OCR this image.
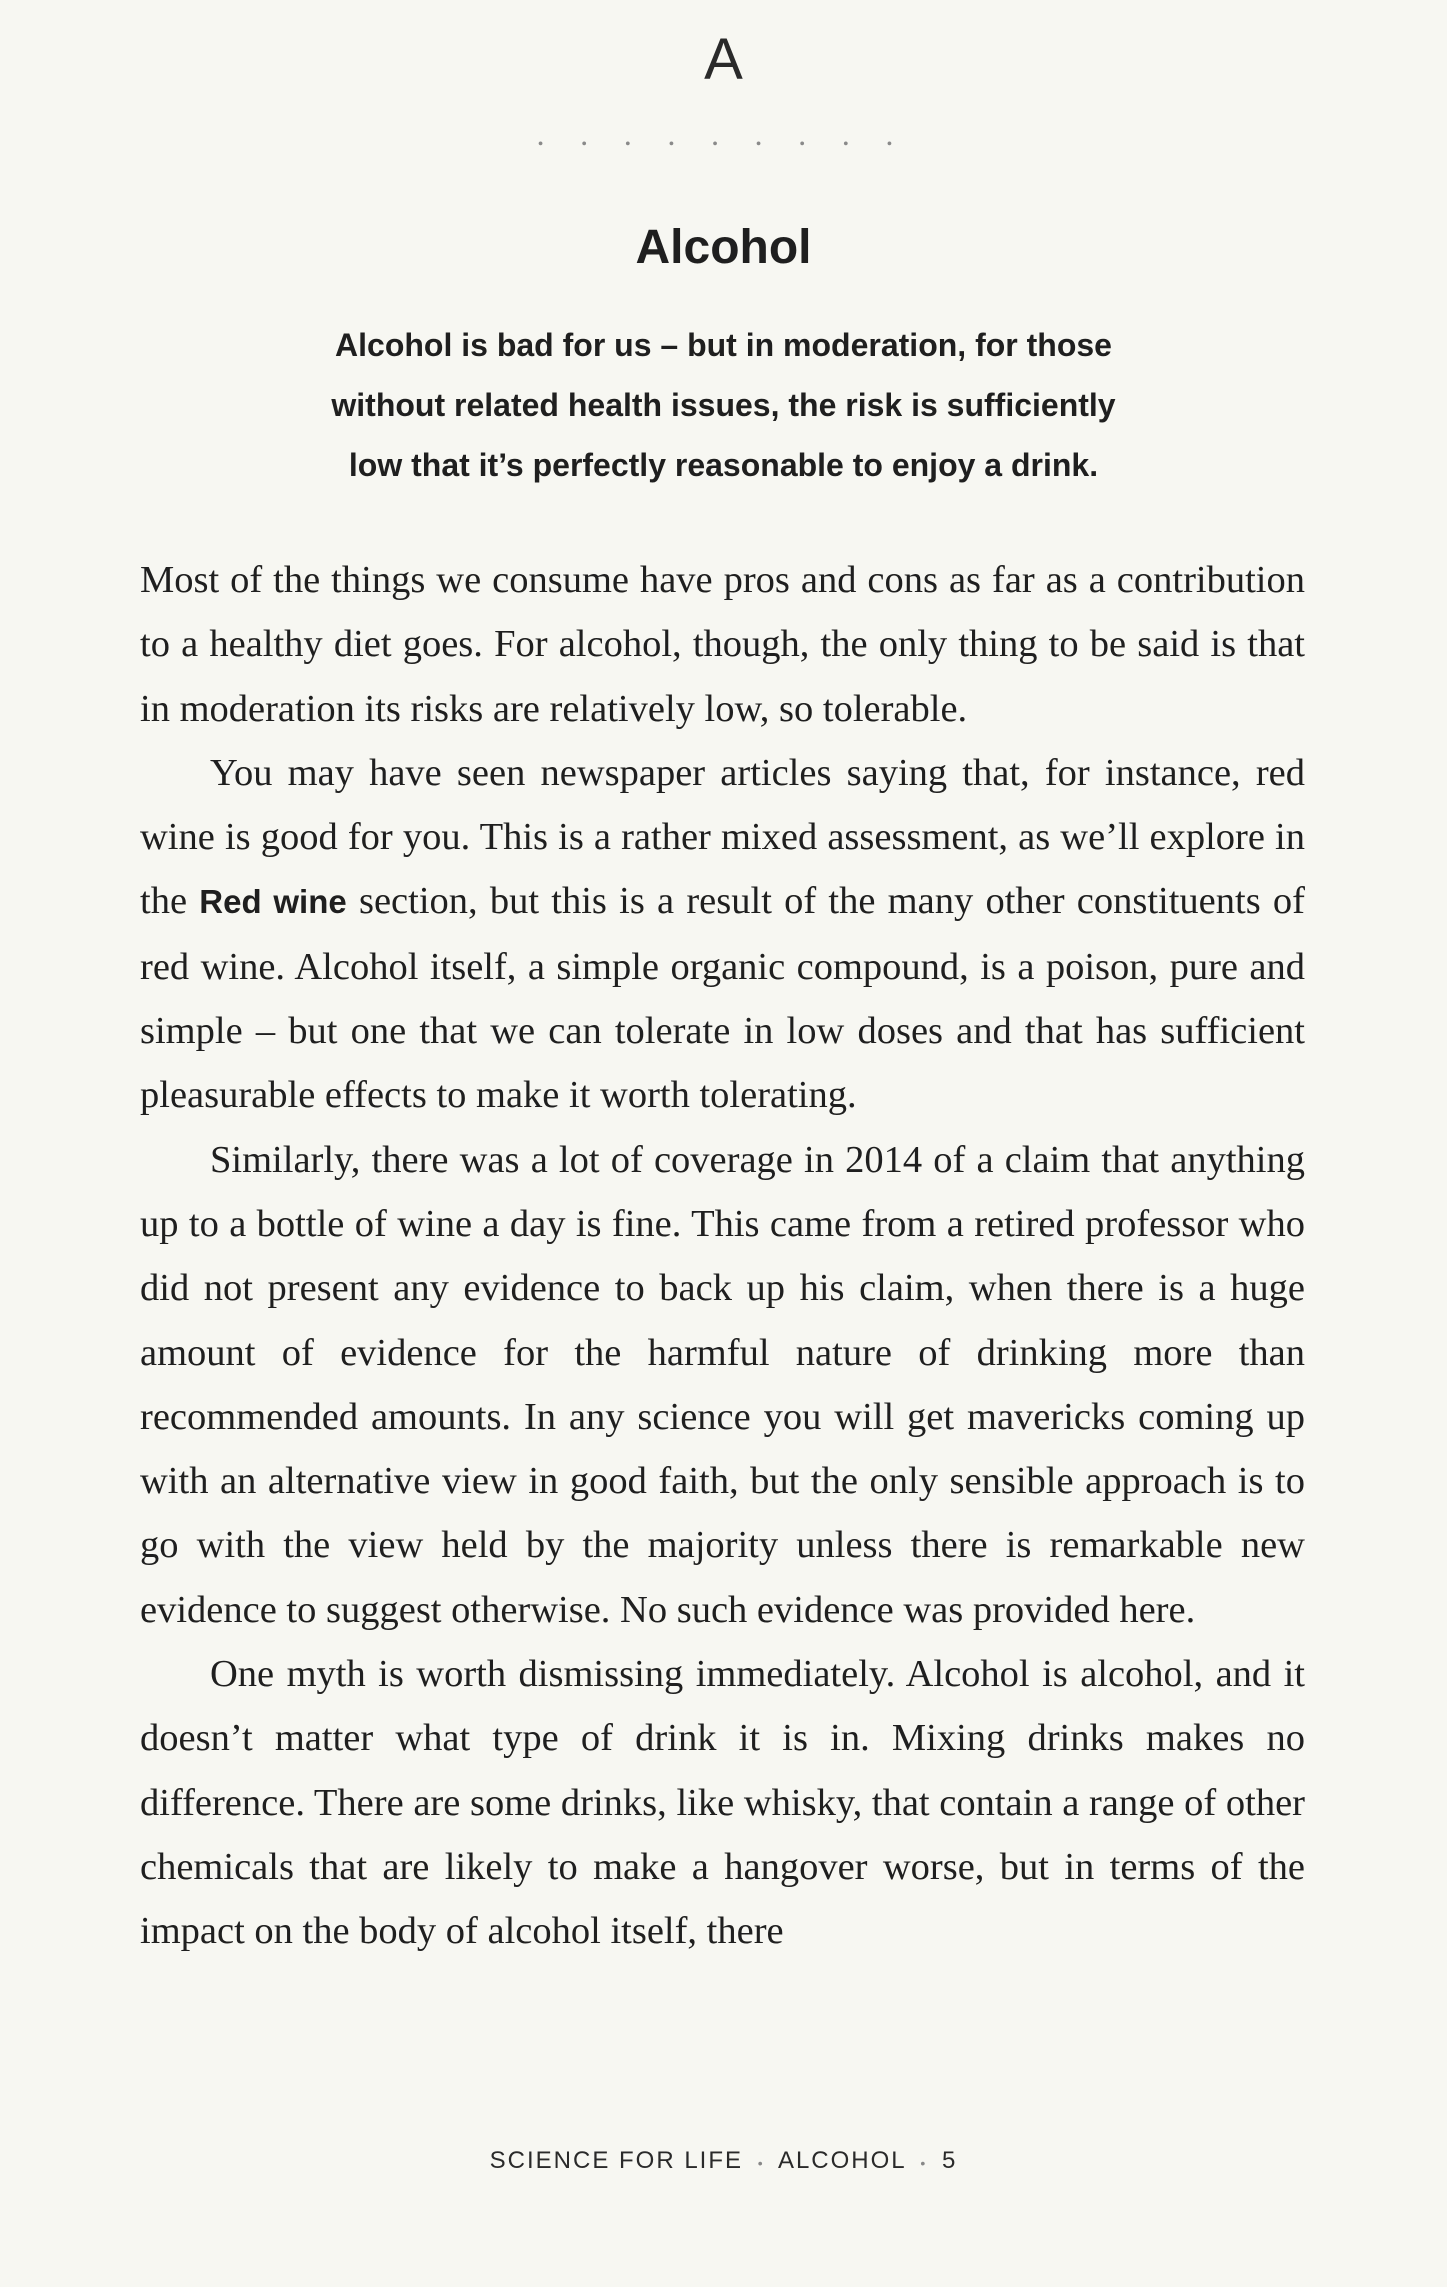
A
• • • • • • • • •
Alcohol
Alcohol is bad for us – but in moderation, for those
without related health issues, the risk is sufficiently
low that it’s perfectly reasonable to enjoy a drink.

Most of the things we consume have pros and cons as far as a contribution to a healthy diet goes. For alcohol, though, the only thing to be said is that in moderation its risks are relatively low, so tolerable.

You may have seen newspaper articles saying that, for instance, red wine is good for you. This is a rather mixed assessment, as we’ll explore in the Red wine section, but this is a result of the many other constituents of red wine. Alcohol itself, a simple organic compound, is a poison, pure and simple – but one that we can tolerate in low doses and that has sufficient pleasurable effects to make it worth tolerating.

Similarly, there was a lot of coverage in 2014 of a claim that anything up to a bottle of wine a day is fine. This came from a retired professor who did not present any evidence to back up his claim, when there is a huge amount of evidence for the harmful nature of drinking more than recommended amounts. In any science you will get mavericks coming up with an alternative view in good faith, but the only sensible approach is to go with the view held by the majority unless there is remarkable new evidence to suggest otherwise. No such evidence was provided here.

One myth is worth dismissing immediately. Alcohol is alcohol, and it doesn’t matter what type of drink it is in. Mixing drinks makes no difference. There are some drinks, like whisky, that contain a range of other chemicals that are likely to make a hangover worse, but in terms of the impact on the body of alcohol itself, there

SCIENCE FOR LIFE • ALCOHOL • 5
